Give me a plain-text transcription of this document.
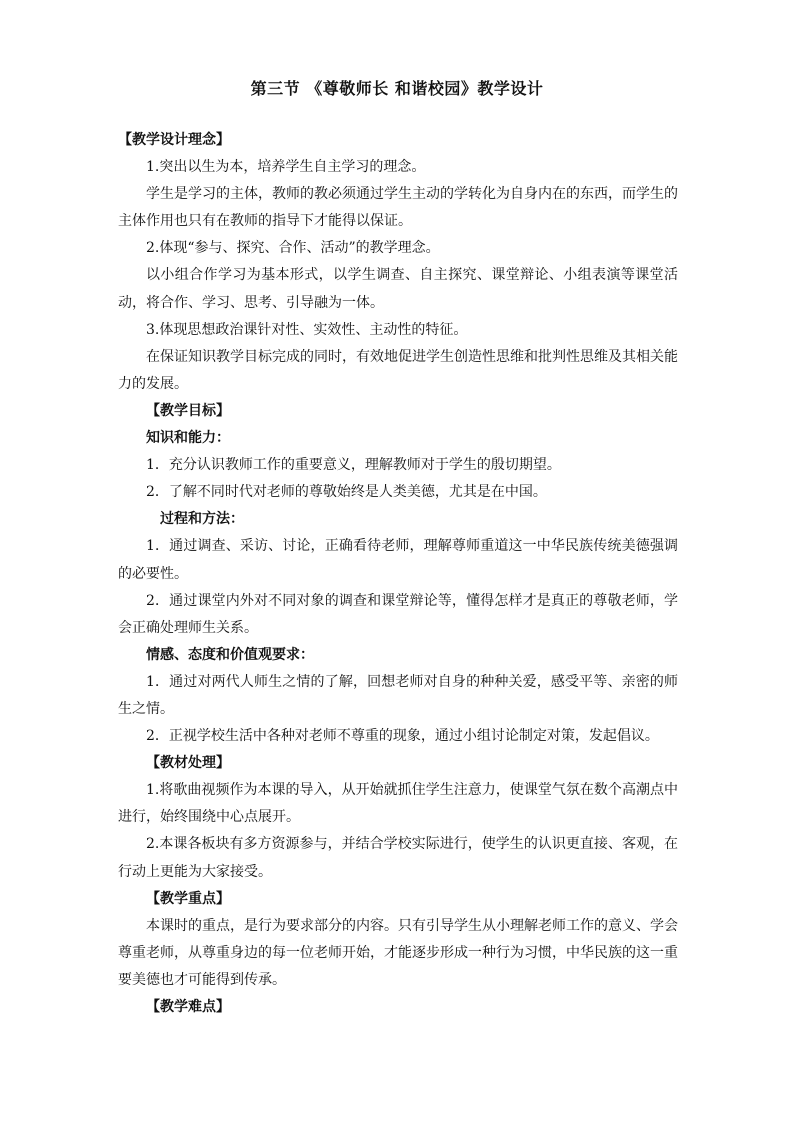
第三节 《尊敬师长 和谐校园》教学设计

【教学设计理念】

1.突出以生为本，培养学生自主学习的理念。

学生是学习的主体，教师的教必须通过学生主动的学转化为自身内在的东西，而学生的主体作用也只有在教师的指导下才能得以保证。

2.体现“参与、探究、合作、活动”的教学理念。

以小组合作学习为基本形式，以学生调查、自主探究、课堂辩论、小组表演等课堂活动，将合作、学习、思考、引导融为一体。

3.体现思想政治课针对性、实效性、主动性的特征。

在保证知识教学目标完成的同时，有效地促进学生创造性思维和批判性思维及其相关能力的发展。

【教学目标】

知识和能力：

1．充分认识教师工作的重要意义，理解教师对于学生的殷切期望。

2．了解不同时代对老师的尊敬始终是人类美德，尤其是在中国。

过程和方法：

1．通过调查、采访、讨论，正确看待老师，理解尊师重道这一中华民族传统美德强调的必要性。

2．通过课堂内外对不同对象的调查和课堂辩论等，懂得怎样才是真正的尊敬老师，学会正确处理师生关系。

情感、态度和价值观要求：

1．通过对两代人师生之情的了解，回想老师对自身的种种关爱，感受平等、亲密的师生之情。

2．正视学校生活中各种对老师不尊重的现象，通过小组讨论制定对策，发起倡议。

【教材处理】

1.将歌曲视频作为本课的导入，从开始就抓住学生注意力，使课堂气氛在数个高潮点中进行，始终围绕中心点展开。

2.本课各板块有多方资源参与，并结合学校实际进行，使学生的认识更直接、客观，在行动上更能为大家接受。

【教学重点】

本课时的重点，是行为要求部分的内容。只有引导学生从小理解老师工作的意义、学会尊重老师，从尊重身边的每一位老师开始，才能逐步形成一种行为习惯，中华民族的这一重要美德也才可能得到传承。

【教学难点】
